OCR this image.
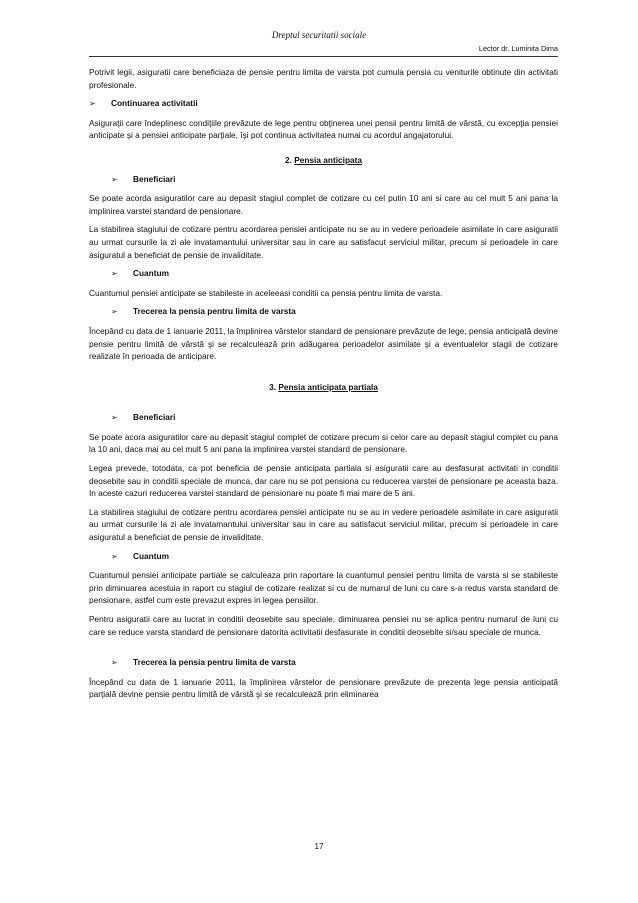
Dreptul securitatii sociale
Lector dr. Luminita Dima

Potrivit legii, asiguratii care beneficiaza de pensie pentru limita de varsta pot cumula pensia cu veniturile obtinute din activitati profesionale.

➢	Continuarea activitatii

Asiguraţii care îndeplinesc condiţiile prevăzute de lege pentru obţinerea unei pensii pentru limită de vârstă, cu excepţia pensiei anticipate şi a pensiei anticipate parţiale, îşi pot continua activitatea numai cu acordul angajatorului.

2. Pensia anticipata
➢	Beneficiari

Se poate acorda asiguratilor care au depasit stagiul complet de cotizare cu cel putin 10 ani si care au cel mult 5 ani pana la implinirea varstei standard de pensionare.

La stabilirea stagiului de cotizare pentru acordarea pensiei anticipate nu se au in vedere perioadele asimilate in care asiguratii au urmat cursurile la zi ale invatamantului universitar sau in care au satisfacut serviciul militar, precum si perioadele in care asiguratul a beneficiat de pensie de invaliditate.

➢	Cuantum

Cuantumul pensiei anticipate se stabileste in aceleeasi conditii ca pensia pentru limita de varsta.

➢	Trecerea la pensia pentru limita de varsta

Începând cu data de 1 ianuarie 2011, la împlinirea vârstelor standard de pensionare prevăzute de lege, pensia anticipată devine pensie pentru limită de vârstă şi se recalculează prin adăugarea perioadelor asimilate şi a eventualelor stagii de cotizare realizate în perioada de anticipare.

3. Pensia anticipata partiala
➢	Beneficiari

Se poate acora asiguratilor care au depasit stagiul complet de cotizare precum si celor care au depasit stagiul complet cu pana la 10 ani, daca mai au cel mult 5 ani pana la implinirea varstei standard de pensionare.

Legea prevede, totodata, ca pot beneficia de pensie anticipata partiala si asiguratii care au desfasurat activitati in conditii deosebite sau in conditii speciale de munca, dar care nu se pot pensiona cu reducerea varstei de pensionare pe aceasta baza. In aceste cazuri reducerea varstei standard de pensionare nu poate fi mai mare de 5 ani.

La stabilirea stagiului de cotizare pentru acordarea pensiei anticipate nu se au in vedere perioadele asimilate in care asiguratii au urmat cursurile la zi ale invatamantului universitar sau in care au satisfacut serviciul militar, precum si perioadele in care asiguratul a beneficiat de pensie de invaliditate.

➢	Cuantum

Cuantumul pensiei anticipate partiale se calculeaza prin raportare la cuantumul pensiei pentru limita de varsta si se stabileste prin diminuarea acestuia in raport cu stagiul de cotizare realizat si cu de numarul de luni cu care s-a redus varsta standard de pensionare, astfel cum este prevazut expres in legea pensiilor.

Pentru asiguratii care au lucrat in conditii deosebite sau speciale, diminuarea pensiei nu se aplica pentru numarul de luni cu care se reduce varsta standard de pensionare datorita activitatii desfasurate in conditii deosebite si/sau speciale de munca.

➢	Trecerea la pensia pentru limita de varsta

Începând cu data de 1 ianuarie 2011, la împlinirea vârstelor de pensionare prevăzute de prezenta lege pensia anticipată parţială devine pensie pentru limită de vârstă şi se recalculează prin eliminarea

17
